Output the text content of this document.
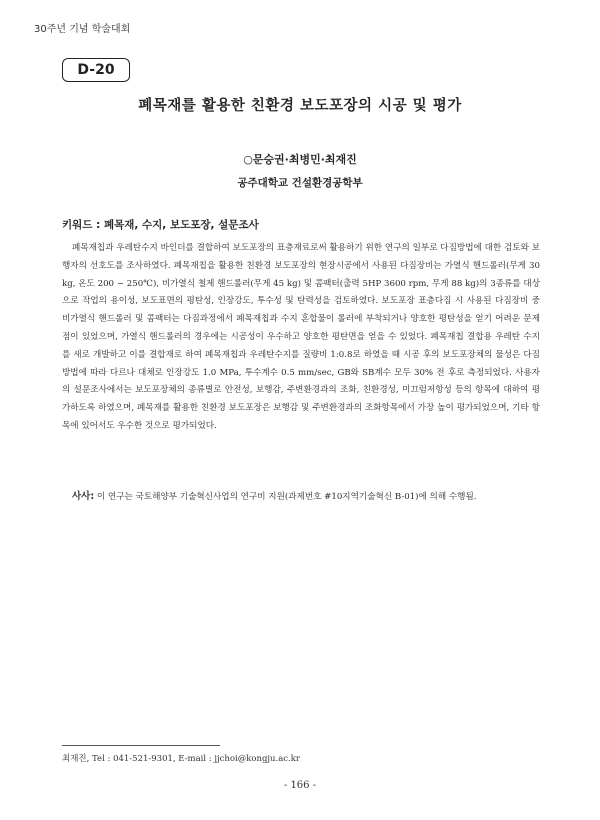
30주년 기념 학술대회
D-20
폐목재를 활용한 친환경 보도포장의 시공 및 평가
○문승권·최병민·최재진
공주대학교 건설환경공학부
키워드 : 폐목재, 수지, 보도포장, 설문조사

폐목재칩과 우레탄수지 바인더를 결합하여 보도포장의 표층재료로써 활용하기 위한 연구의 일부로 다짐방법에 대한 검토와 보행자의 선호도를 조사하였다. 폐목재칩을 활용한 친환경 보도포장의 현장시공에서 사용된 다짐장비는 가열식 핸드롤러(무게 30 kg, 온도 200 ~ 250℃), 비가열식 철제 핸드롤러(무게 45 kg) 및 콤팩터(출력 5HP 3600 rpm, 무게 88 kg)의 3종류를 대상으로 작업의 용이성, 보도표면의 평탄성, 인장강도, 투수성 및 탄력성을 검토하였다. 보도포장 표층다짐 시 사용된 다짐장비 중 비가열식 핸드롤러 및 콤팩터는 다짐과정에서 폐목재칩과 수지 혼합물이 롤러에 부착되거나 양호한 평탄성을 얻기 어려운 문제점이 있었으며, 가열식 핸드롤러의 경우에는 시공성이 우수하고 양호한 평탄면을 얻을 수 있었다. 폐목재칩 결합용 우레탄 수지를 새로 개발하고 이를 결합재로 하여 폐목재칩과 우레탄수지를 질량비 1:0.8로 하였을 때 시공 후의 보도포장체의 물성은 다짐방법에 따라 다르나 대체로 인장강도 1.0 MPa, 투수계수 0.5 mm/sec, GB와 SB계수 모두 30% 전 후로 측정되었다. 사용자의 설문조사에서는 보도포장체의 종류별로 안전성, 보행감, 주변환경과의 조화, 친환경성, 미끄럼저항성 등의 항목에 대하여 평가하도록 하였으며, 폐목재를 활용한 친환경 보도포장은 보행감 및 주변환경과의 조화항목에서 가장 높이 평가되었으며, 기타 항목에 있어서도 우수한 것으로 평가되었다.

사사: 이 연구는 국토해양부 기술혁신사업의 연구비 지원(과제번호 #10지역기술혁신 B-01)에 의해 수행됨.
최재진, Tel : 041-521-9301, E-mail : jjchoi@kongju.ac.kr
- 166 -
